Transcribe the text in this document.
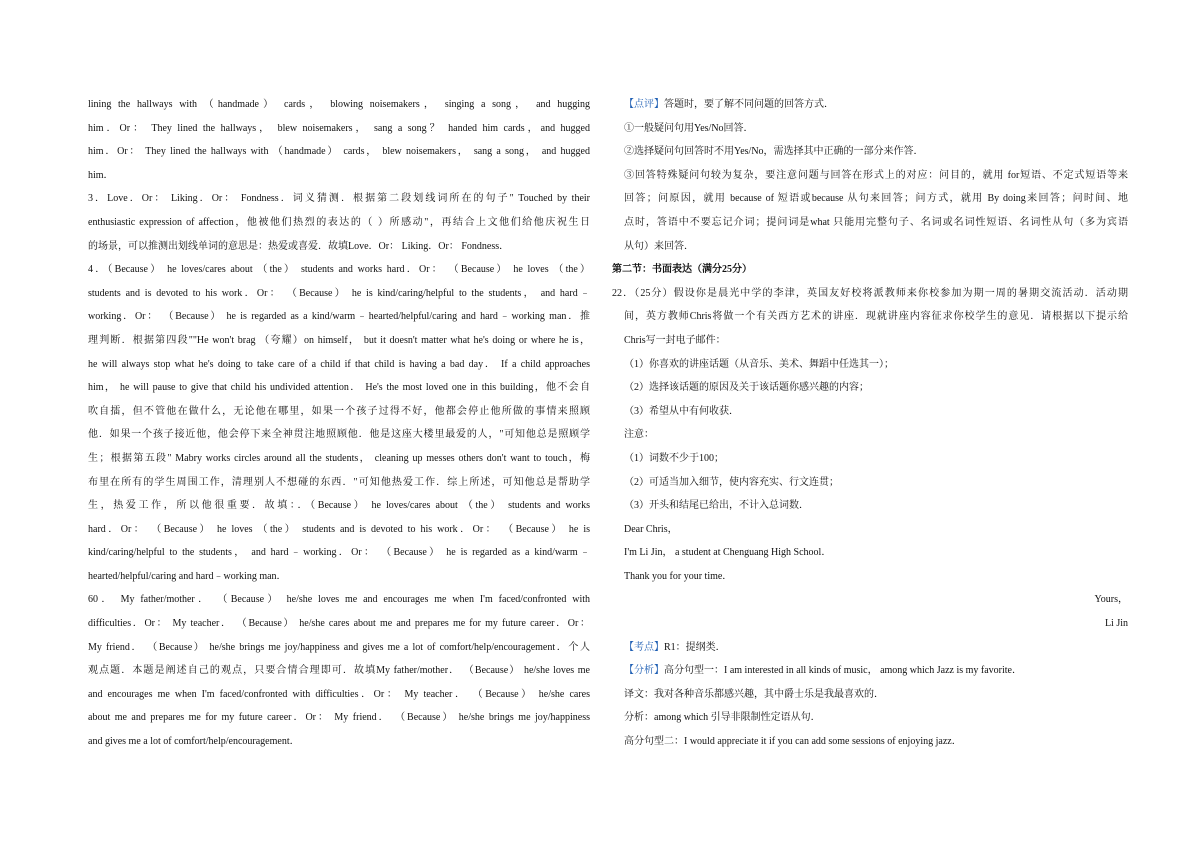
lining the hallways with （handmade） cards， blowing noisemakers， singing a song， and hugging
him．Or： They lined the hallways， blew noisemakers， sang a song？ handed him cards，and hugged
him．Or： They lined the hallways with （handmade） cards， blew noisemakers， sang a song， and hugged
him．
3．Love．Or： Liking．Or： Fondness．词义猜测．根据第二段划线词所在的句子" Touched by their
enthusiastic expression of affection，他被他们热烈的表达的（ ）所感动"，再结合上文他们给他庆祝生日
的场景，可以推测出划线单词的意思是：热爱或喜爱．故填Love．Or： Liking．Or： Fondness．
4．（Because） he loves/cares about （the） students and works hard．Or： （Because） he loves （the）
students and is devoted to his work．Or： （Because） he is kind/caring/helpful to the students， and hard﹣
working．Or： （Because） he is regarded as a kind/warm﹣hearted/helpful/caring and hard﹣working man．推
理判断．根据第四段""He won't brag （夸耀）on himself， but it doesn't matter what he's doing or where he is，
he will always stop what he's doing to take care of a child if that child is having a bad day． If a child approaches
him， he will pause to give that child his undivided attention． He's the most loved one in this building，他不会自
吹自擂，但不管他在做什么，无论他在哪里，如果一个孩子过得不好，他都会停止他所做的事情来照顾
他．如果一个孩子接近他，他会停下来全神贯注地照顾他．他是这座大楼里最爱的人，"可知他总是照顾学
生；根据第五段" Mabry works circles around all the students， cleaning up messes others don't want to touch，梅
布里在所有的学生周围工作，清理别人不想碰的东西．"可知他热爱工作．综上所述，可知他总是帮助学
生，热爱工作，所以他很重要．故填：．（Because） he loves/cares about （the） students and works
hard．Or： （Because） he loves （the） students and is devoted to his work．Or： （Because） he is
kind/caring/helpful to the students， and hard﹣working．Or： （Because） he is regarded as a kind/warm﹣
hearted/helpful/caring and hard﹣working man．
60． My father/mother． （Because） he/she loves me and encourages me when I'm faced/confronted with
difficulties．Or： My teacher． （Because） he/she cares about me and prepares me for my future career．Or：
My friend． （Because） he/she brings me joy/happiness and gives me a lot of comfort/help/encouragement．个人
观点题．本题是阐述自己的观点，只要合情合理即可．故填My father/mother． （Because） he/she loves me
and encourages me when I'm faced/confronted with difficulties．Or： My teacher． （Because） he/she cares
about me and prepares me for my future career．Or： My friend． （Because） he/she brings me joy/happiness
and gives me a lot of comfort/help/encouragement．
【点评】答题时，要了解不同问题的回答方式．
①一般疑问句用Yes/No回答．
②选择疑问句回答时不用Yes/No，需选择其中正确的一部分来作答．
③回答特殊疑问句较为复杂，要注意问题与回答在形式上的对应：问目的，就用 for短语、不定式短语等来
回答；问原因，就用 because of 短语或because 从句来回答；问方式，就用 By doing来回答；问时间、地
点时，答语中不要忘记介词；提问词是what 只能用完整句子、名词或名词性短语、名词性从句（多为宾语
从句）来回答．
第二节：书面表达（满分25分）
22．（25分）假设你是晨光中学的李津，英国友好校将派教师来你校参加为期一周的暑期交流活动．活动期
间，英方教师Chris将做一个有关西方艺术的讲座．现就讲座内容征求你校学生的意见．请根据以下提示给
Chris写一封电子邮件：
（1）你喜欢的讲座话题（从音乐、美术、舞蹈中任选其一）；
（2）选择该话题的原因及关于该话题你感兴趣的内容；
（3）希望从中有何收获．
注意：
（1）词数不少于100；
（2）可适当加入细节，使内容充实、行文连贯；
（3）开头和结尾已给出，不计入总词数．
Dear Chris，
I'm Li Jin， a student at Chenguang High School．
Thank you for your time．
Yours，
Li Jin
【考点】R1：提纲类．
【分析】高分句型一：I am interested in all kinds of music， among which Jazz is my favorite．
译文：我对各种音乐都感兴趣，其中爵士乐是我最喜欢的．
分析：among which 引导非限制性定语从句．
高分句型二：I would appreciate it if you can add some sessions of enjoying jazz．
